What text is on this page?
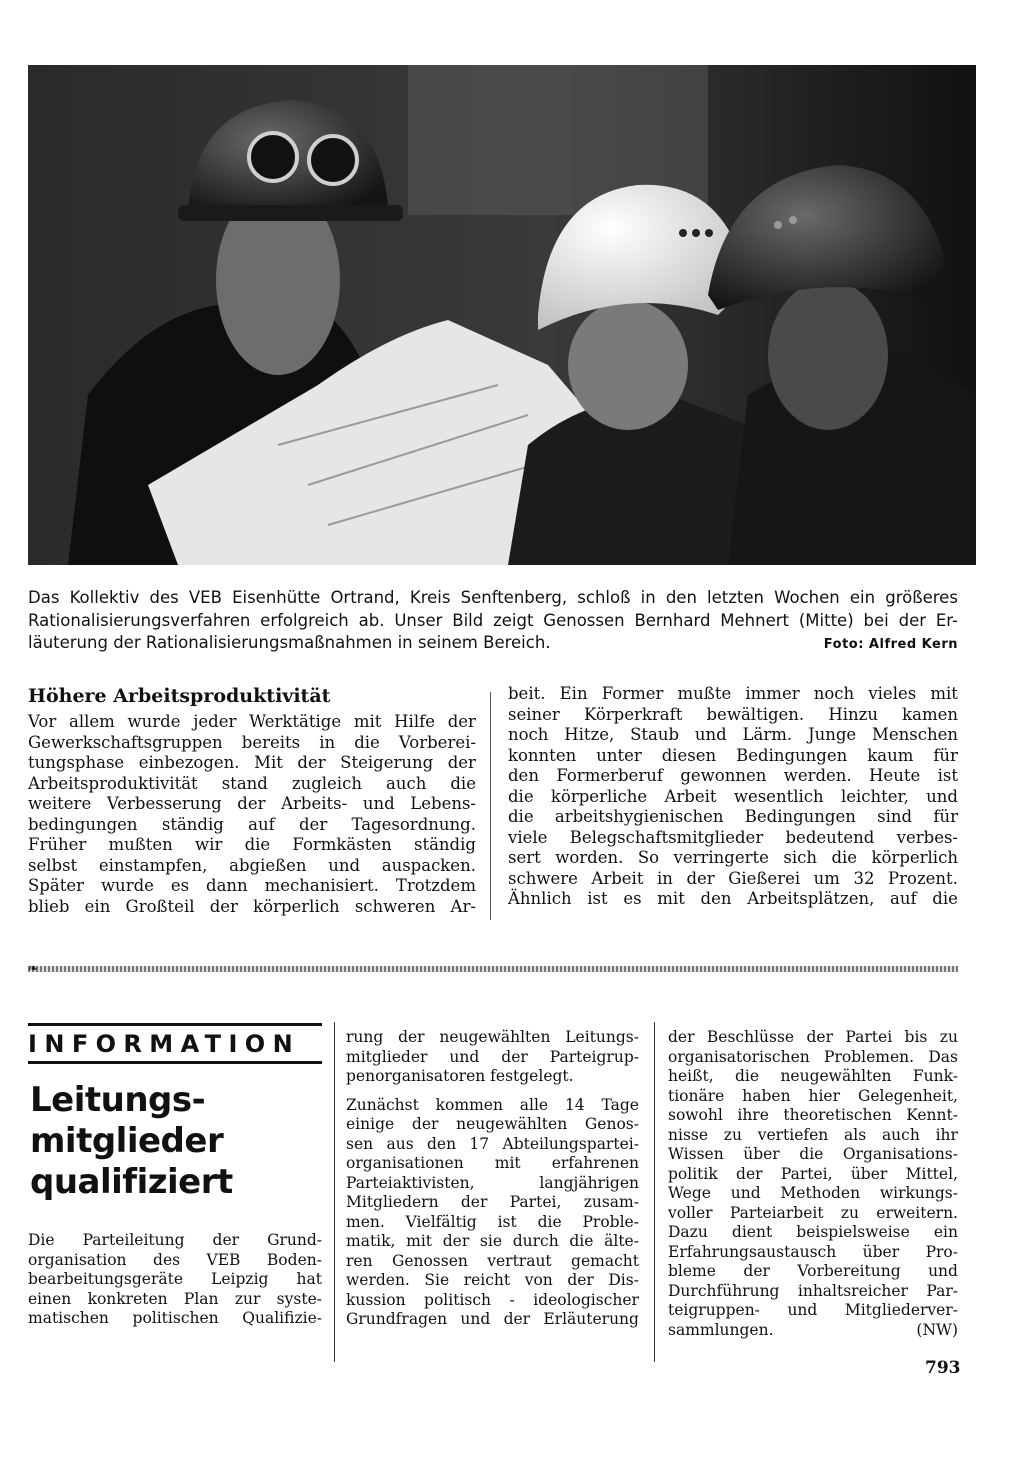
Das Kollektiv des VEB Eisenhütte Ortrand, Kreis Senftenberg, schloß in den letzten Wochen ein größeres
Rationalisierungsverfahren erfolgreich ab. Unser Bild zeigt Genossen Bernhard Mehnert (Mitte) bei der Er-
läuterung der Rationalisierungsmaßnahmen in seinem Bereich.	Foto: Alfred Kern
Höhere Arbeitsproduktivität
Vor allem wurde jeder Werktätige mit Hilfe der
Gewerkschaftsgruppen bereits in die Vorberei-
tungsphase einbezogen. Mit der Steigerung der
Arbeitsproduktivität stand zugleich auch die
weitere Verbesserung der Arbeits- und Lebens-
bedingungen ständig auf der Tagesordnung.
Früher mußten wir die Formkästen ständig
selbst einstampfen, abgießen und auspacken.
Später wurde es dann mechanisiert. Trotzdem
blieb ein Großteil der körperlich schweren Ar-
beit. Ein Former mußte immer noch vieles mit
seiner Körperkraft bewältigen. Hinzu kamen
noch Hitze, Staub und Lärm. Junge Menschen
konnten unter diesen Bedingungen kaum für
den Formerberuf gewonnen werden. Heute ist
die körperliche Arbeit wesentlich leichter, und
die arbeitshygienischen Bedingungen sind für
viele Belegschaftsmitglieder bedeutend verbes-
sert worden. So verringerte sich die körperlich
schwere Arbeit in der Gießerei um 32 Prozent.
Ähnlich ist es mit den Arbeitsplätzen, auf die
❧
INFORMATION
Leitungs-
mitglieder
qualifiziert
Die Parteileitung der Grund-
organisation des VEB Boden-
bearbeitungsgeräte Leipzig hat
einen konkreten Plan zur syste-
matischen politischen Qualifizie-
rung der neugewählten Leitungs-
mitglieder und der Parteigrup-
penorganisatoren festgelegt.
Zunächst kommen alle 14 Tage
einige der neugewählten Genos-
sen aus den 17 Abteilungspartei-
organisationen mit erfahrenen
Parteiaktivisten,	langjährigen
Mitgliedern der Partei, zusam-
men. Vielfältig ist die Proble-
matik, mit der sie durch die älte-
ren Genossen vertraut gemacht
werden. Sie reicht von der Dis-
kussion politisch - ideologischer
Grundfragen und der Erläuterung
der Beschlüsse der Partei bis zu
organisatorischen Problemen. Das
heißt, die neugewählten Funk-
tionäre haben hier Gelegenheit,
sowohl ihre theoretischen Kennt-
nisse zu vertiefen als auch ihr
Wissen über die Organisations-
politik der Partei, über Mittel,
Wege und Methoden wirkungs-
voller Parteiarbeit zu erweitern.
Dazu dient beispielsweise ein
Erfahrungsaustausch über Pro-
bleme der Vorbereitung und
Durchführung inhaltsreicher Par-
teigruppen- und Mitgliederver-
sammlungen.	(NW)
793
